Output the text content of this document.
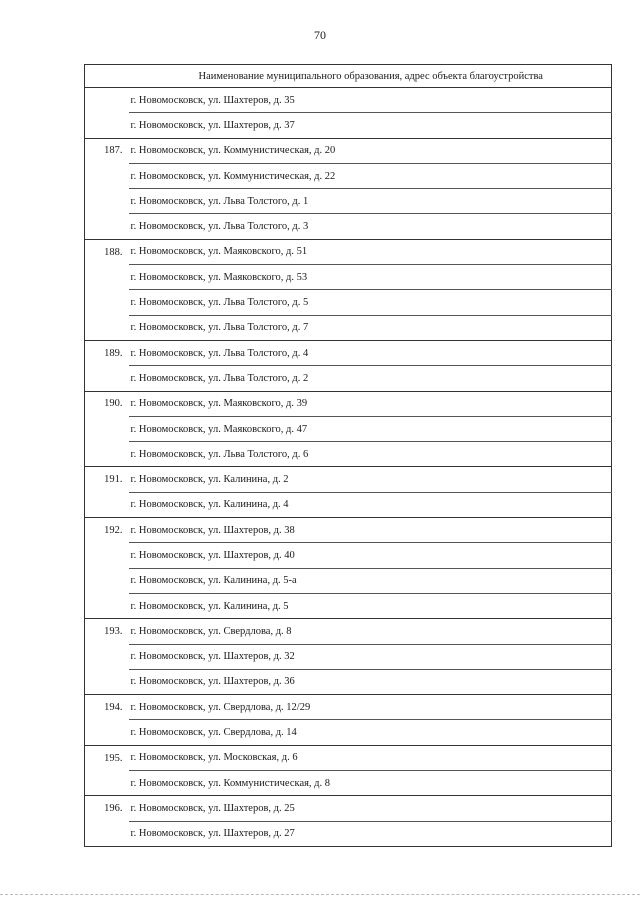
70
	Наименование муниципального образования, адрес объекта благоустройства
	г. Новомосковск, ул. Шахтеров, д. 35
	г. Новомосковск, ул. Шахтеров, д. 37
187.	г. Новомосковск, ул. Коммунистическая, д. 20
	г. Новомосковск, ул. Коммунистическая, д. 22
	г. Новомосковск, ул. Льва Толстого, д. 1
	г. Новомосковск, ул. Льва Толстого, д. 3
188.	г. Новомосковск, ул. Маяковского, д. 51
	г. Новомосковск, ул. Маяковского, д. 53
	г. Новомосковск, ул. Льва Толстого, д. 5
	г. Новомосковск, ул. Льва Толстого, д. 7
189.	г. Новомосковск, ул. Льва Толстого, д. 4
	г. Новомосковск, ул. Льва Толстого, д. 2
190.	г. Новомосковск, ул. Маяковского, д. 39
	г. Новомосковск, ул. Маяковского, д. 47
	г. Новомосковск, ул. Льва Толстого, д. 6
191.	г. Новомосковск, ул. Калинина, д. 2
	г. Новомосковск, ул. Калинина, д. 4
192.	г. Новомосковск, ул. Шахтеров, д. 38
	г. Новомосковск, ул. Шахтеров, д. 40
	г. Новомосковск, ул. Калинина, д. 5-а
	г. Новомосковск, ул. Калинина, д. 5
193.	г. Новомосковск, ул. Свердлова, д. 8
	г. Новомосковск, ул. Шахтеров, д. 32
	г. Новомосковск, ул. Шахтеров, д. 36
194.	г. Новомосковск, ул. Свердлова, д. 12/29
	г. Новомосковск, ул. Свердлова, д. 14
195.	г. Новомосковск, ул. Московская, д. 6
	г. Новомосковск, ул. Коммунистическая, д. 8
196.	г. Новомосковск, ул. Шахтеров, д. 25
	г. Новомосковск, ул. Шахтеров, д. 27
